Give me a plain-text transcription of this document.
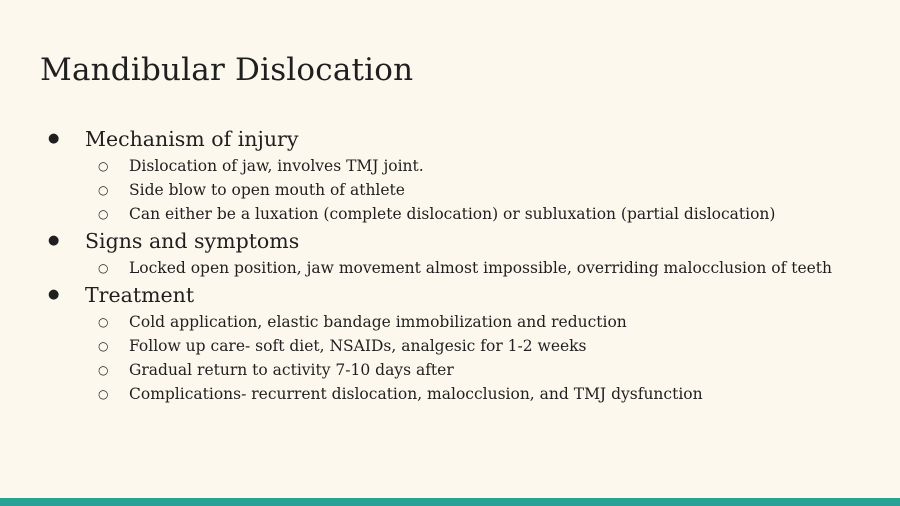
Mandibular Dislocation
● Mechanism of injury
○ Dislocation of jaw, involves TMJ joint.
○ Side blow to open mouth of athlete
○ Can either be a luxation (complete dislocation) or subluxation (partial dislocation)
● Signs and symptoms
○ Locked open position, jaw movement almost impossible, overriding malocclusion of teeth
● Treatment
○ Cold application, elastic bandage immobilization and reduction
○ Follow up care- soft diet, NSAIDs, analgesic for 1-2 weeks
○ Gradual return to activity 7-10 days after
○ Complications- recurrent dislocation, malocclusion, and TMJ dysfunction
